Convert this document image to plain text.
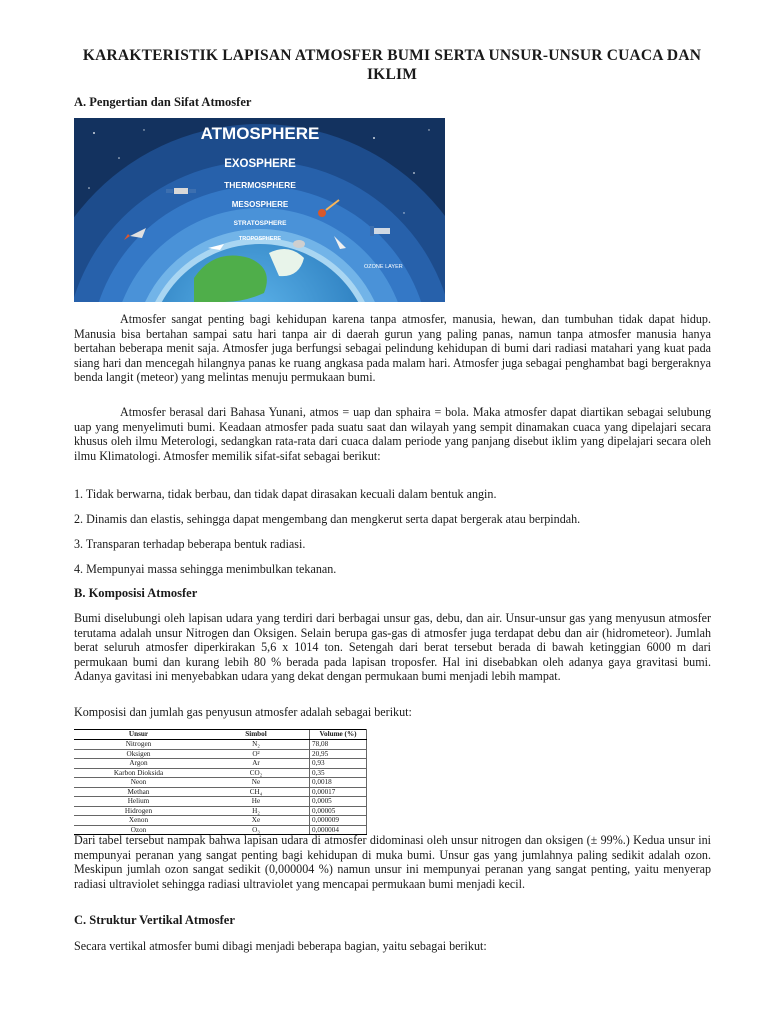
KARAKTERISTIK LAPISAN ATMOSFER BUMI SERTA UNSUR-UNSUR CUACA DAN IKLIM
A. Pengertian dan Sifat Atmosfer
ATMOSPHERE
EXOSPHERE
THERMOSPHERE
MESOSPHERE
STRATOSPHERE
TROPOSPHERE
OZONE LAYER

Atmosfer sangat penting bagi kehidupan karena tanpa atmosfer, manusia, hewan, dan tumbuhan tidak dapat hidup. Manusia bisa bertahan sampai satu hari tanpa air di daerah gurun yang paling panas, namun tanpa atmosfer manusia hanya bertahan beberapa menit saja. Atmosfer juga berfungsi sebagai pelindung kehidupan di bumi dari radiasi matahari yang kuat pada siang hari dan mencegah hilangnya panas ke ruang angkasa pada malam hari. Atmosfer juga sebagai penghambat bagi bergeraknya benda langit (meteor) yang melintas menuju permukaan bumi.

Atmosfer berasal dari Bahasa Yunani, atmos = uap dan sphaira = bola. Maka atmosfer dapat diartikan sebagai selubung uap yang menyelimuti bumi. Keadaan atmosfer pada suatu saat dan wilayah yang sempit dinamakan cuaca yang dipelajari secara khusus oleh ilmu Meterologi, sedangkan rata-rata dari cuaca dalam periode yang panjang disebut iklim yang dipelajari secara oleh ilmu Klimatologi. Atmosfer memilik sifat-sifat sebagai berikut:

1. Tidak berwarna, tidak berbau, dan tidak dapat dirasakan kecuali dalam bentuk angin.
2. Dinamis dan elastis, sehingga dapat mengembang dan mengkerut serta dapat bergerak atau berpindah.
3. Transparan terhadap beberapa bentuk radiasi.
4. Mempunyai massa sehingga menimbulkan tekanan.
B. Komposisi Atmosfer

Bumi diselubungi oleh lapisan udara yang terdiri dari berbagai unsur gas, debu, dan air. Unsur-unsur gas yang menyusun atmosfer terutama adalah unsur Nitrogen dan Oksigen. Selain berupa gas-gas di atmosfer juga terdapat debu dan air (hidrometeor). Jumlah berat seluruh atmosfer diperkirakan 5,6 x 1014 ton. Setengah dari berat tersebut berada di bawah ketinggian 6000 m dari permukaan bumi dan kurang lebih 80 % berada pada lapisan troposfer. Hal ini disebabkan oleh adanya gaya gravitasi bumi. Adanya gavitasi ini menyebabkan udara yang dekat dengan permukaan bumi menjadi lebih mampat.

Komposisi dan jumlah gas penyusun atmosfer adalah sebagai berikut:

Unsur	Simbol	Volume (%)
Nitrogen	N₂	78,08
Oksigen	O²	20,95
Argon	Ar	0,93
Karbon Dioksida	CO₂	0,35
Neon	Ne	0,0018
Methan	CH₄	0,00017
Helium	He	0,0005
Hidrogen	H₂	0,00005
Xenon	Xe	0,000009
Ozon	O₃	0,000004

Dari tabel tersebut nampak bahwa lapisan udara di atmosfer didominasi oleh unsur nitrogen dan oksigen (± 99%.) Kedua unsur ini mempunyai peranan yang sangat penting bagi kehidupan di muka bumi. Unsur gas yang jumlahnya paling sedikit adalah ozon. Meskipun jumlah ozon sangat sedikit (0,000004 %) namun unsur ini mempunyai peranan yang sangat penting, yaitu menyerap radiasi ultraviolet sehingga radiasi ultraviolet yang mencapai permukaan bumi menjadi kecil.

C. Struktur Vertikal Atmosfer

Secara vertikal atmosfer bumi dibagi menjadi beberapa bagian, yaitu sebagai berikut:
